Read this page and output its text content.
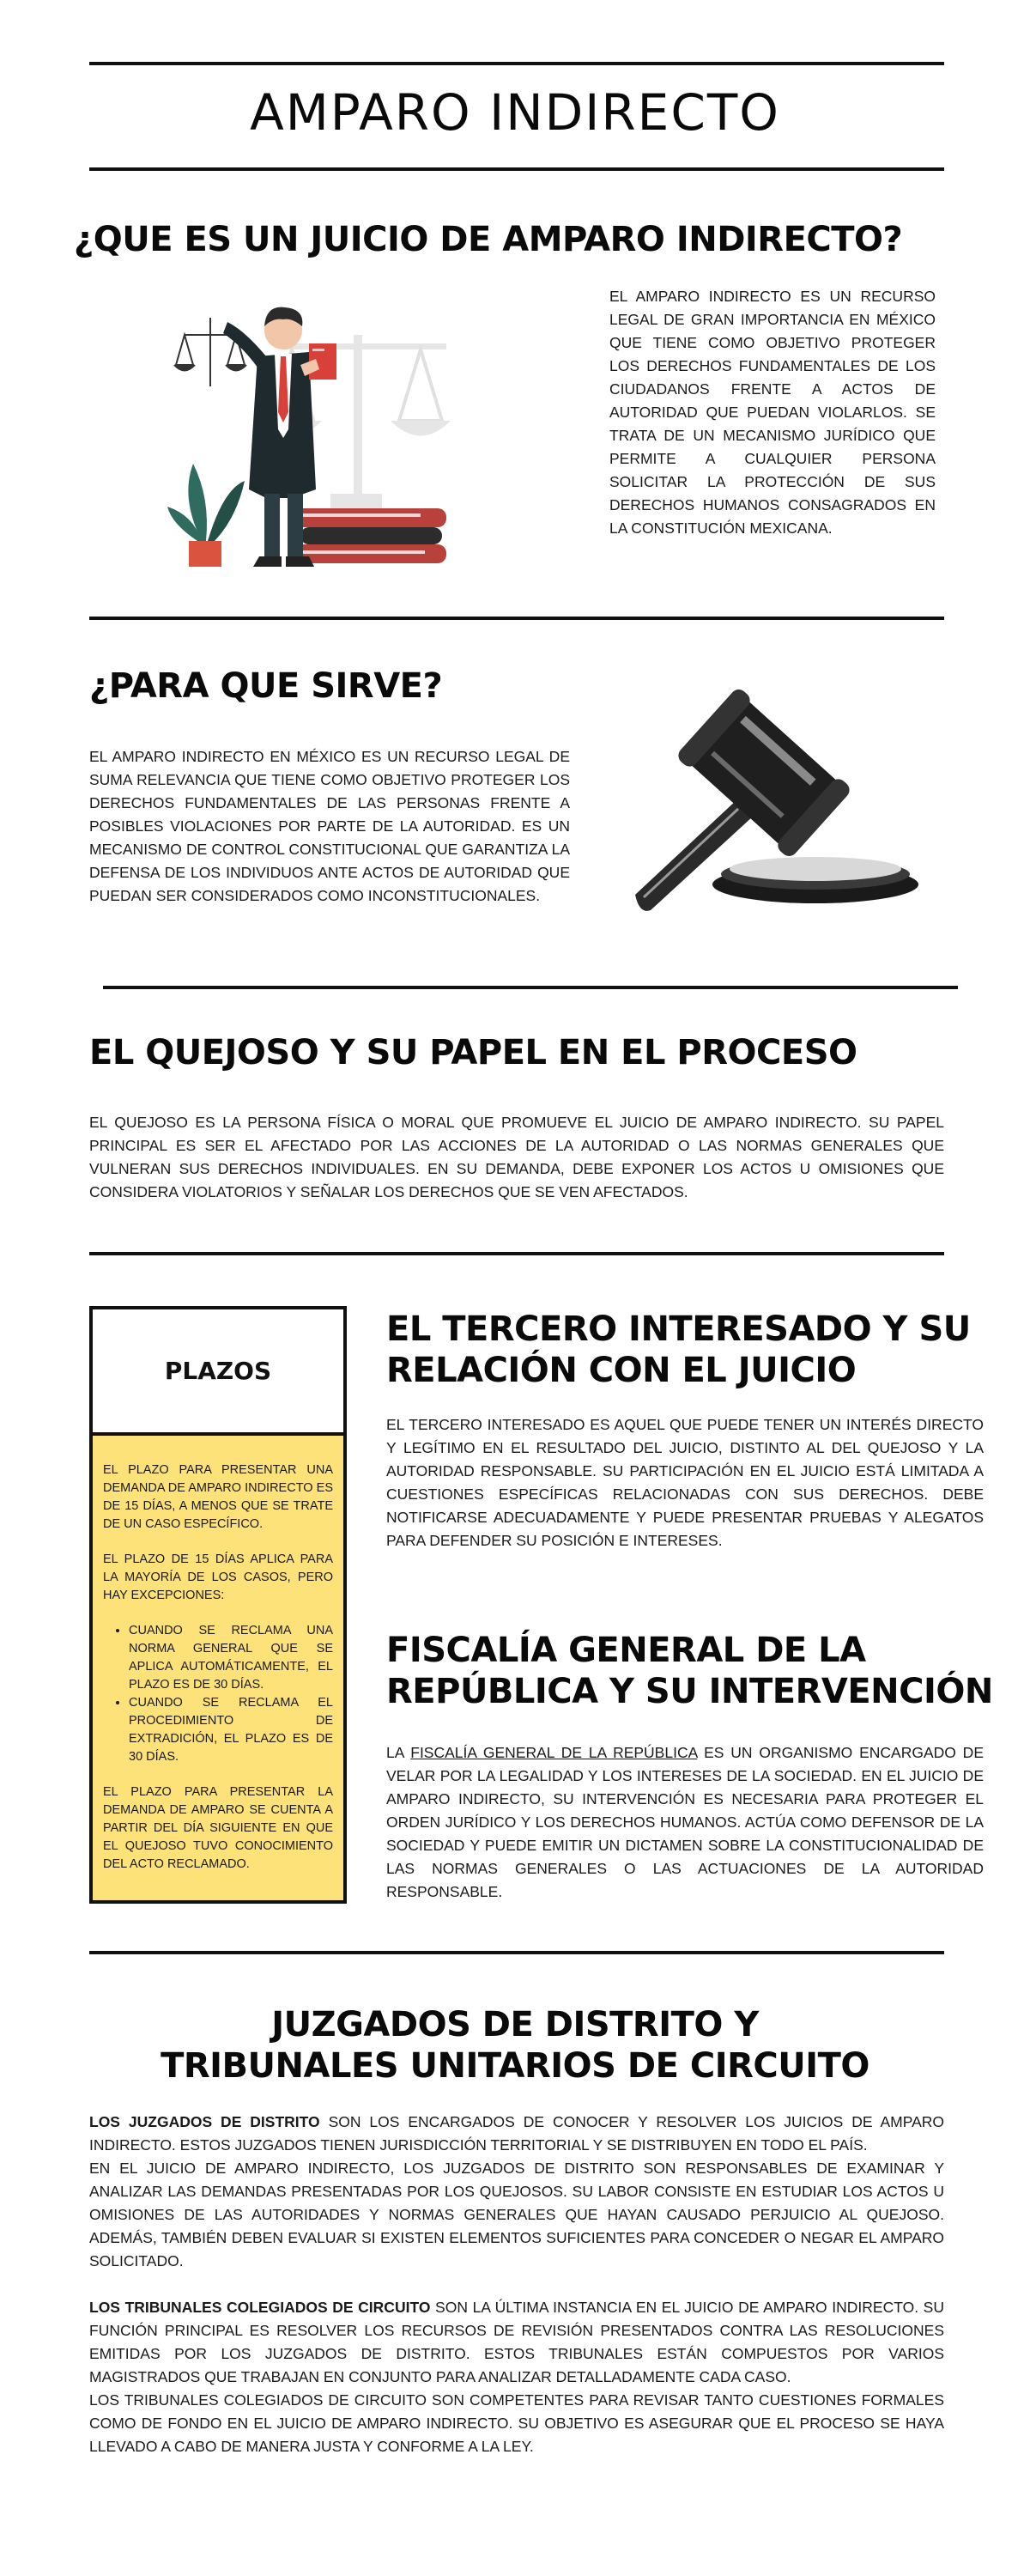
AMPARO INDIRECTO
¿QUE ES UN JUICIO DE AMPARO INDIRECTO?

EL AMPARO INDIRECTO ES UN RECURSO LEGAL DE GRAN IMPORTANCIA EN MÉXICO QUE TIENE COMO OBJETIVO PROTEGER LOS DERECHOS FUNDAMENTALES DE LOS CIUDADANOS FRENTE A ACTOS DE AUTORIDAD QUE PUEDAN VIOLARLOS. SE TRATA DE UN MECANISMO JURÍDICO QUE PERMITE A CUALQUIER PERSONA SOLICITAR LA PROTECCIÓN DE SUS DERECHOS HUMANOS CONSAGRADOS EN LA CONSTITUCIÓN MEXICANA.

¿PARA QUE SIRVE?

EL AMPARO INDIRECTO EN MÉXICO ES UN RECURSO LEGAL DE SUMA RELEVANCIA QUE TIENE COMO OBJETIVO PROTEGER LOS DERECHOS FUNDAMENTALES DE LAS PERSONAS FRENTE A POSIBLES VIOLACIONES POR PARTE DE LA AUTORIDAD. ES UN MECANISMO DE CONTROL CONSTITUCIONAL QUE GARANTIZA LA DEFENSA DE LOS INDIVIDUOS ANTE ACTOS DE AUTORIDAD QUE PUEDAN SER CONSIDERADOS COMO INCONSTITUCIONALES.

EL QUEJOSO Y SU PAPEL EN EL PROCESO

EL QUEJOSO ES LA PERSONA FÍSICA O MORAL QUE PROMUEVE EL JUICIO DE AMPARO INDIRECTO. SU PAPEL PRINCIPAL ES SER EL AFECTADO POR LAS ACCIONES DE LA AUTORIDAD O LAS NORMAS GENERALES QUE VULNERAN SUS DERECHOS INDIVIDUALES. EN SU DEMANDA, DEBE EXPONER LOS ACTOS U OMISIONES QUE CONSIDERA VIOLATORIOS Y SEÑALAR LOS DERECHOS QUE SE VEN AFECTADOS.

PLAZOS

EL PLAZO PARA PRESENTAR UNA DEMANDA DE AMPARO INDIRECTO ES DE 15 DÍAS, A MENOS QUE SE TRATE DE UN CASO ESPECÍFICO.

EL PLAZO DE 15 DÍAS APLICA PARA LA MAYORÍA DE LOS CASOS, PERO HAY EXCEPCIONES:

• CUANDO SE RECLAMA UNA NORMA GENERAL QUE SE APLICA AUTOMÁTICAMENTE, EL PLAZO ES DE 30 DÍAS.
• CUANDO SE RECLAMA EL PROCEDIMIENTO DE EXTRADICIÓN, EL PLAZO ES DE 30 DÍAS.

EL PLAZO PARA PRESENTAR LA DEMANDA DE AMPARO SE CUENTA A PARTIR DEL DÍA SIGUIENTE EN QUE EL QUEJOSO TUVO CONOCIMIENTO DEL ACTO RECLAMADO.

EL TERCERO INTERESADO Y SU RELACIÓN CON EL JUICIO

EL TERCERO INTERESADO ES AQUEL QUE PUEDE TENER UN INTERÉS DIRECTO Y LEGÍTIMO EN EL RESULTADO DEL JUICIO, DISTINTO AL DEL QUEJOSO Y LA AUTORIDAD RESPONSABLE. SU PARTICIPACIÓN EN EL JUICIO ESTÁ LIMITADA A CUESTIONES ESPECÍFICAS RELACIONADAS CON SUS DERECHOS. DEBE NOTIFICARSE ADECUADAMENTE Y PUEDE PRESENTAR PRUEBAS Y ALEGATOS PARA DEFENDER SU POSICIÓN E INTERESES.

FISCALÍA GENERAL DE LA REPÚBLICA Y SU INTERVENCIÓN

LA FISCALÍA GENERAL DE LA REPÚBLICA ES UN ORGANISMO ENCARGADO DE VELAR POR LA LEGALIDAD Y LOS INTERESES DE LA SOCIEDAD. EN EL JUICIO DE AMPARO INDIRECTO, SU INTERVENCIÓN ES NECESARIA PARA PROTEGER EL ORDEN JURÍDICO Y LOS DERECHOS HUMANOS. ACTÚA COMO DEFENSOR DE LA SOCIEDAD Y PUEDE EMITIR UN DICTAMEN SOBRE LA CONSTITUCIONALIDAD DE LAS NORMAS GENERALES O LAS ACTUACIONES DE LA AUTORIDAD RESPONSABLE.

JUZGADOS DE DISTRITO Y TRIBUNALES UNITARIOS DE CIRCUITO

LOS JUZGADOS DE DISTRITO SON LOS ENCARGADOS DE CONOCER Y RESOLVER LOS JUICIOS DE AMPARO INDIRECTO. ESTOS JUZGADOS TIENEN JURISDICCIÓN TERRITORIAL Y SE DISTRIBUYEN EN TODO EL PAÍS.

EN EL JUICIO DE AMPARO INDIRECTO, LOS JUZGADOS DE DISTRITO SON RESPONSABLES DE EXAMINAR Y ANALIZAR LAS DEMANDAS PRESENTADAS POR LOS QUEJOSOS. SU LABOR CONSISTE EN ESTUDIAR LOS ACTOS U OMISIONES DE LAS AUTORIDADES Y NORMAS GENERALES QUE HAYAN CAUSADO PERJUICIO AL QUEJOSO. ADEMÁS, TAMBIÉN DEBEN EVALUAR SI EXISTEN ELEMENTOS SUFICIENTES PARA CONCEDER O NEGAR EL AMPARO SOLICITADO.

LOS TRIBUNALES COLEGIADOS DE CIRCUITO SON LA ÚLTIMA INSTANCIA EN EL JUICIO DE AMPARO INDIRECTO. SU FUNCIÓN PRINCIPAL ES RESOLVER LOS RECURSOS DE REVISIÓN PRESENTADOS CONTRA LAS RESOLUCIONES EMITIDAS POR LOS JUZGADOS DE DISTRITO. ESTOS TRIBUNALES ESTÁN COMPUESTOS POR VARIOS MAGISTRADOS QUE TRABAJAN EN CONJUNTO PARA ANALIZAR DETALLADAMENTE CADA CASO.

LOS TRIBUNALES COLEGIADOS DE CIRCUITO SON COMPETENTES PARA REVISAR TANTO CUESTIONES FORMALES COMO DE FONDO EN EL JUICIO DE AMPARO INDIRECTO. SU OBJETIVO ES ASEGURAR QUE EL PROCESO SE HAYA LLEVADO A CABO DE MANERA JUSTA Y CONFORME A LA LEY.
